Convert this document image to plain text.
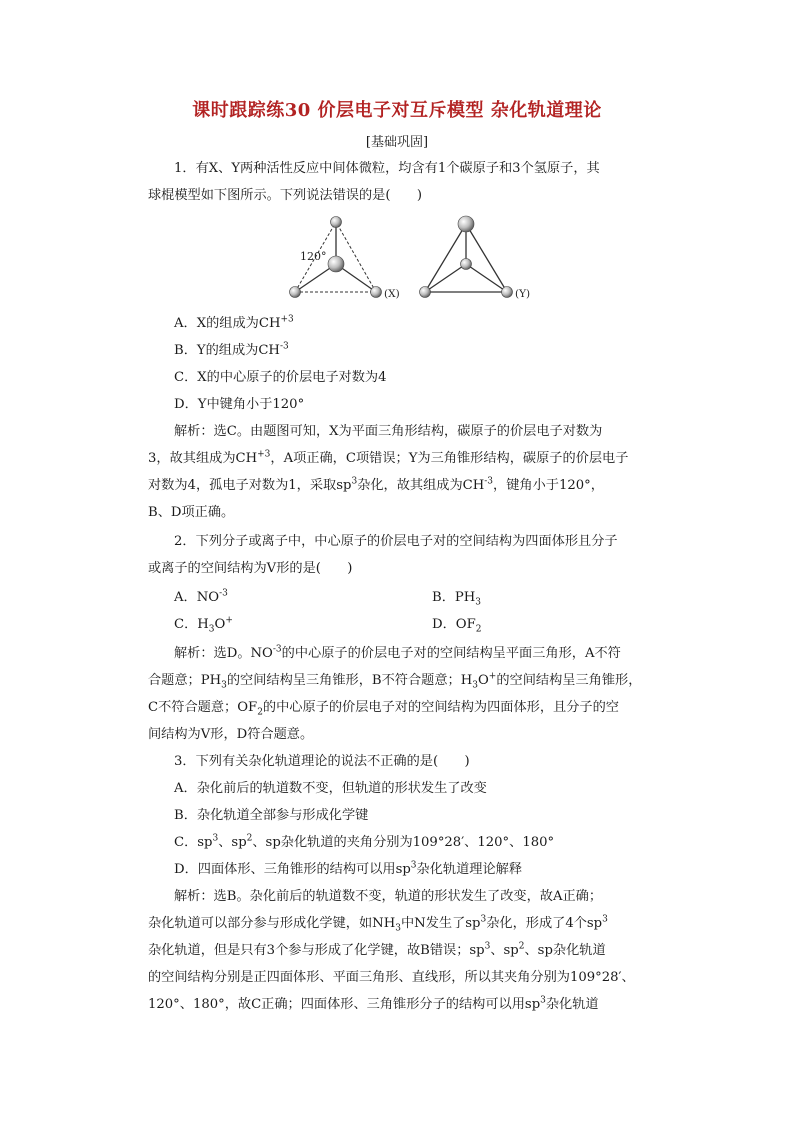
课时跟踪练30 价层电子对互斥模型 杂化轨道理论
[基础巩固]
1．有X、Y两种活性反应中间体微粒，均含有1个碳原子和3个氢原子，其
球棍模型如下图所示。下列说法错误的是(　　)
120°
(X)	(Y)
A．X的组成为$CH^{+3}$
B．Y的组成为$CH^{-3}$
C．X的中心原子的价层电子对数为4
D．Y中键角小于120°
解析：选C。由题图可知，X为平面三角形结构，碳原子的价层电子对数为
3，故其组成为$CH^{+3}$，A项正确，C项错误；Y为三角锥形结构，碳原子的价层电子
对数为4，孤电子对数为1，采取$sp^3$杂化，故其组成为$CH^{-3}$，键角小于120°，
B、D项正确。
2．下列分子或离子中，中心原子的价层电子对的空间结构为四面体形且分子
或离子的空间结构为V形的是(　　)
A．$NO^{-3}$	B．$PH_3$
C．$H_3O^+$	D．$OF_2$
解析：选D。$NO^{-3}$的中心原子的价层电子对的空间结构呈平面三角形，A不符
合题意；$PH_3$的空间结构呈三角锥形，B不符合题意；$H_3O^+$的空间结构呈三角锥形，
C不符合题意；$OF_2$的中心原子的价层电子对的空间结构为四面体形，且分子的空
间结构为V形，D符合题意。
3．下列有关杂化轨道理论的说法不正确的是(　　)
A．杂化前后的轨道数不变，但轨道的形状发生了改变
B．杂化轨道全部参与形成化学键
C．$sp^3$、$sp^2$、sp杂化轨道的夹角分别为109°28′、120°、180°
D．四面体形、三角锥形的结构可以用$sp^3$杂化轨道理论解释
解析：选B。杂化前后的轨道数不变，轨道的形状发生了改变，故A正确；
杂化轨道可以部分参与形成化学键，如$NH_3$中N发生了$sp^3$杂化，形成了4个$sp^3$
杂化轨道，但是只有3个参与形成了化学键，故B错误；$sp^3$、$sp^2$、sp杂化轨道
的空间结构分别是正四面体形、平面三角形、直线形，所以其夹角分别为109°28′、
120°、180°，故C正确；四面体形、三角锥形分子的结构可以用$sp^3$杂化轨道
